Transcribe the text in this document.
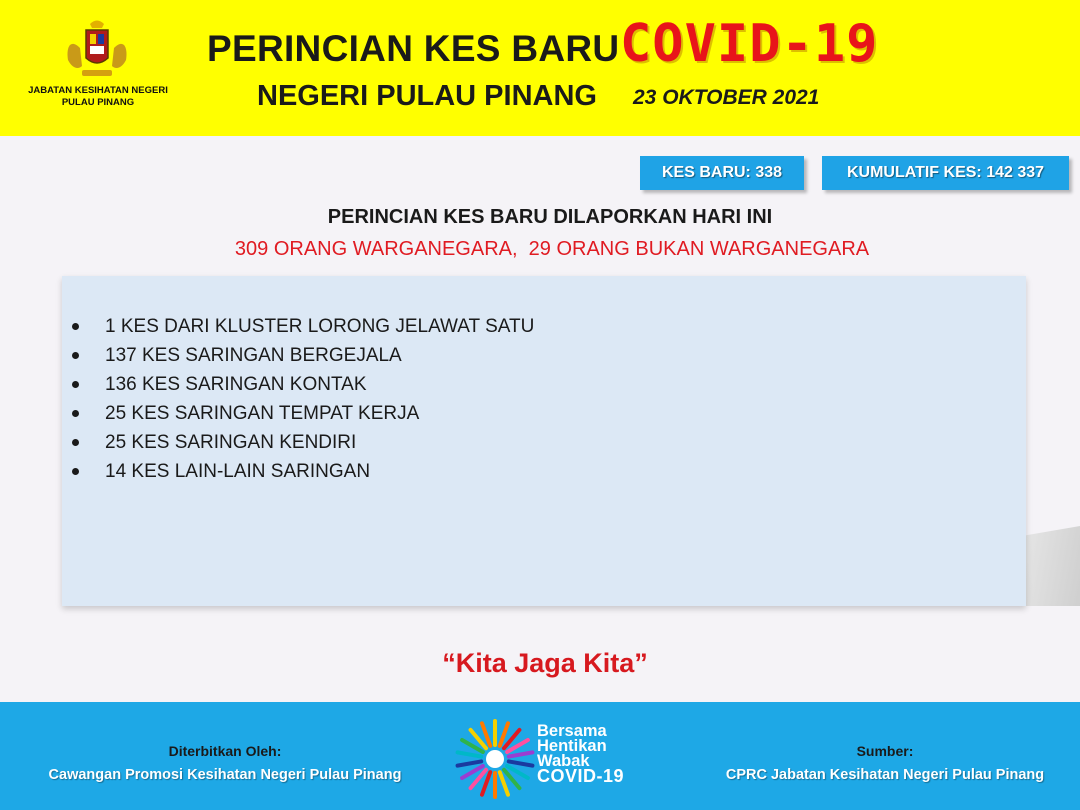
JABATAN KESIHATAN NEGERI
PULAU PINANG
PERINCIAN KES BARU COVID-19
NEGERI PULAU PINANG 23 OKTOBER 2021
KES BARU: 338	KUMULATIF KES: 142 337
PERINCIAN KES BARU DILAPORKAN HARI INI
309 ORANG WARGANEGARA,  29 ORANG BUKAN WARGANEGARA
1 KES DARI KLUSTER LORONG JELAWAT SATU
137 KES SARINGAN BERGEJALA
136 KES SARINGAN KONTAK
25 KES SARINGAN TEMPAT KERJA
25 KES SARINGAN KENDIRI
14 KES LAIN-LAIN SARINGAN
“Kita Jaga Kita”
Diterbitkan Oleh:
Cawangan Promosi Kesihatan Negeri Pulau Pinang
Bersama
Hentikan
Wabak
COVID-19
Sumber:
CPRC Jabatan Kesihatan Negeri Pulau Pinang
